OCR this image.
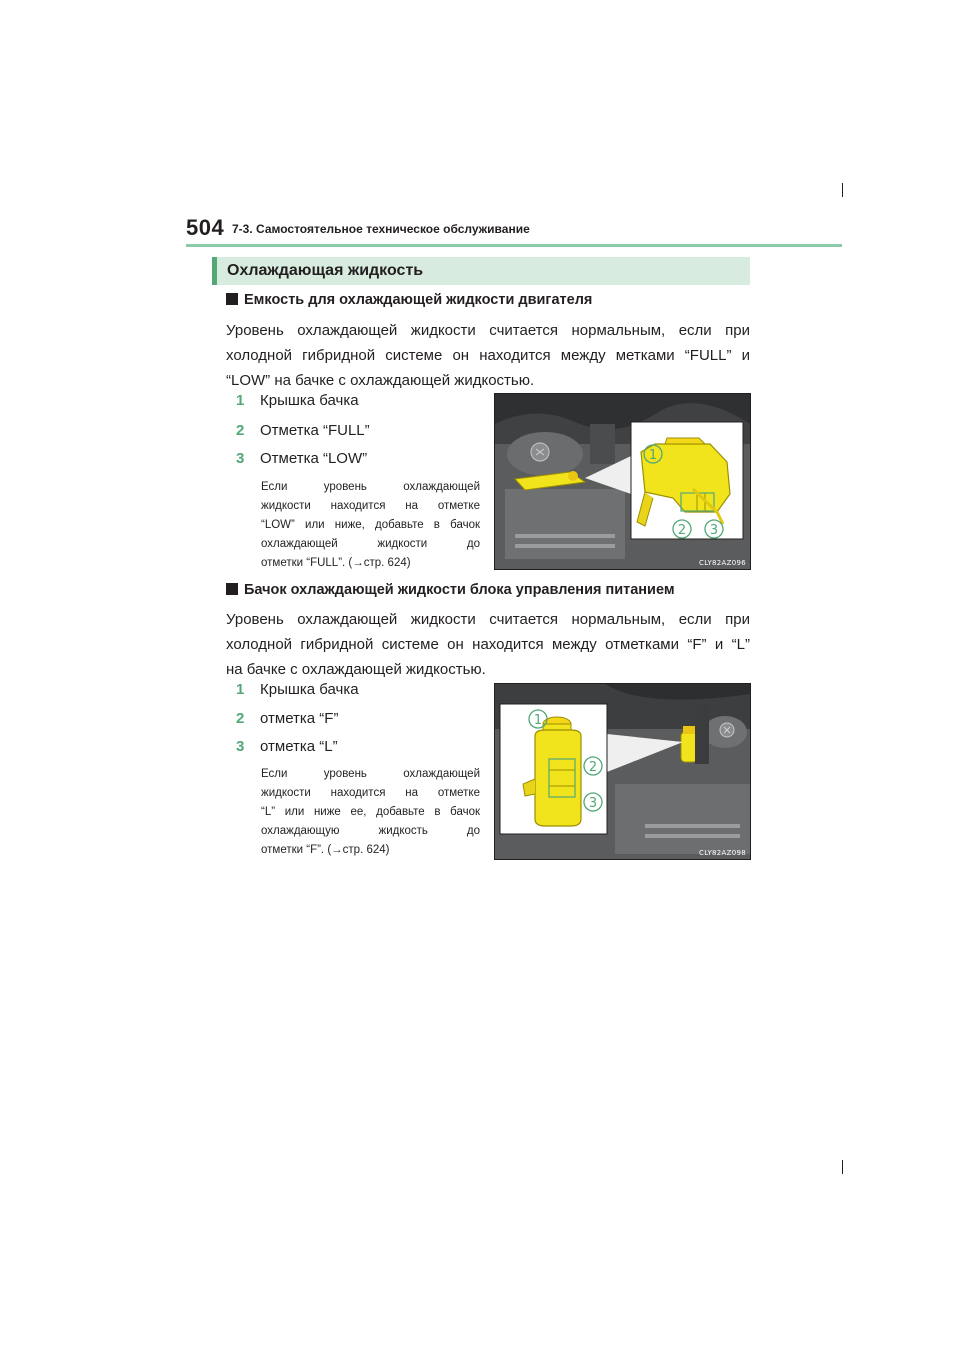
504 7-3. Самостоятельное техническое обслуживание
Охлаждающая жидкость
Емкость для охлаждающей жидкости двигателя
Уровень охлаждающей жидкости считается нормальным, если при
холодной гибридной системе он находится между метками “FULL” и
“LOW” на бачке с охлаждающей жидкостью.
1 Крышка бачка
2 Отметка “FULL”
3 Отметка “LOW”
Если уровень охлаждающей
жидкости находится на отметке
“LOW” или ниже, добавьте в бачок
охлаждающей жидкости до
отметки “FULL”. (→стр. 624)
1
2 3
CLY82AZ096
Бачок охлаждающей жидкости блока управления питанием
Уровень охлаждающей жидкости считается нормальным, если при
холодной гибридной системе он находится между отметками “F” и “L”
на бачке с охлаждающей жидкостью.
1 Крышка бачка
2 отметка “F”
3 отметка “L”
Если уровень охлаждающей
жидкости находится на отметке
“L” или ниже ее, добавьте в бачок
охлаждающую жидкость до
отметки “F”. (→стр. 624)
1
2
3
CLY82AZ098
